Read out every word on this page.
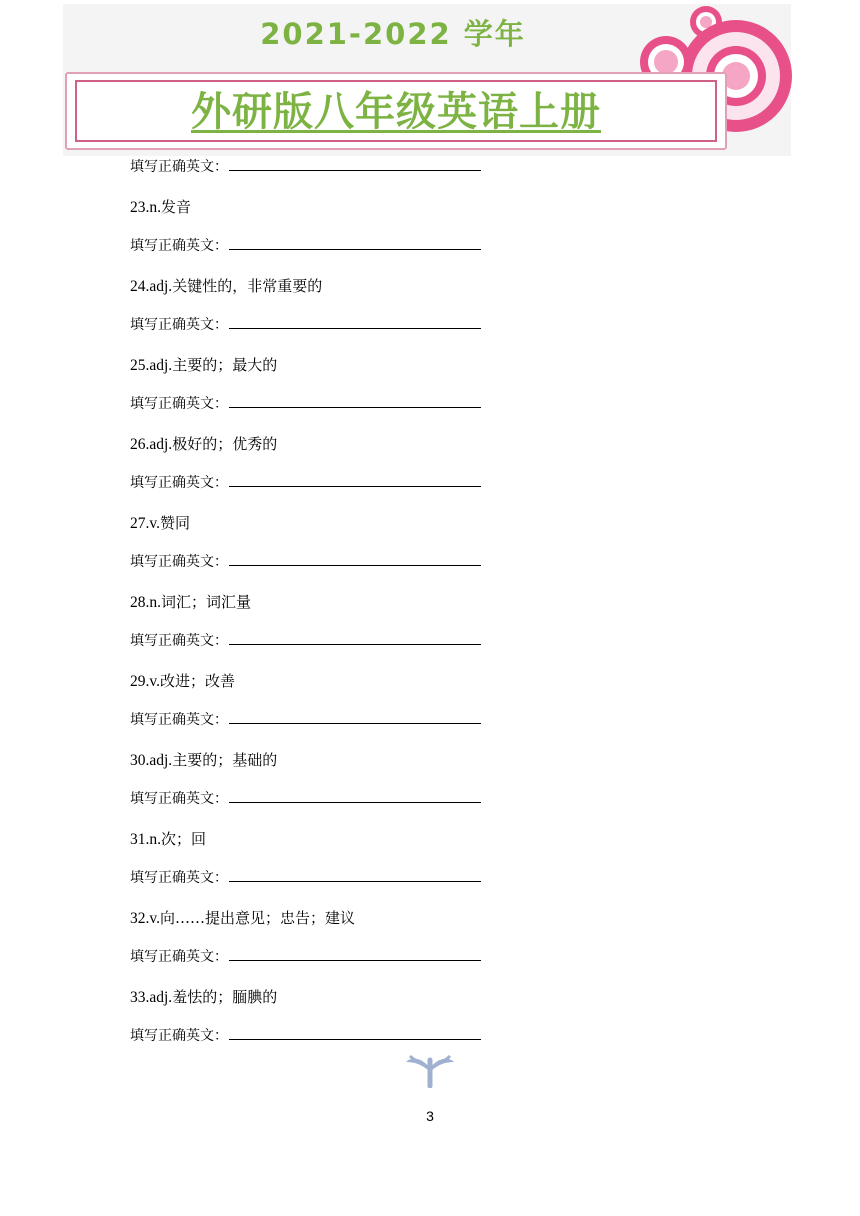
2021-2022 学年
外研版八年级英语上册
填写正确英文：
23.n.发音
填写正确英文：
24.adj.关键性的，非常重要的
填写正确英文：
25.adj.主要的；最大的
填写正确英文：
26.adj.极好的；优秀的
填写正确英文：
27.v.赞同
填写正确英文：
28.n.词汇；词汇量
填写正确英文：
29.v.改进；改善
填写正确英文：
30.adj.主要的；基础的
填写正确英文：
31.n.次；回
填写正确英文：
32.v.向……提出意见；忠告；建议
填写正确英文：
33.adj.羞怯的；腼腆的
填写正确英文：
3
